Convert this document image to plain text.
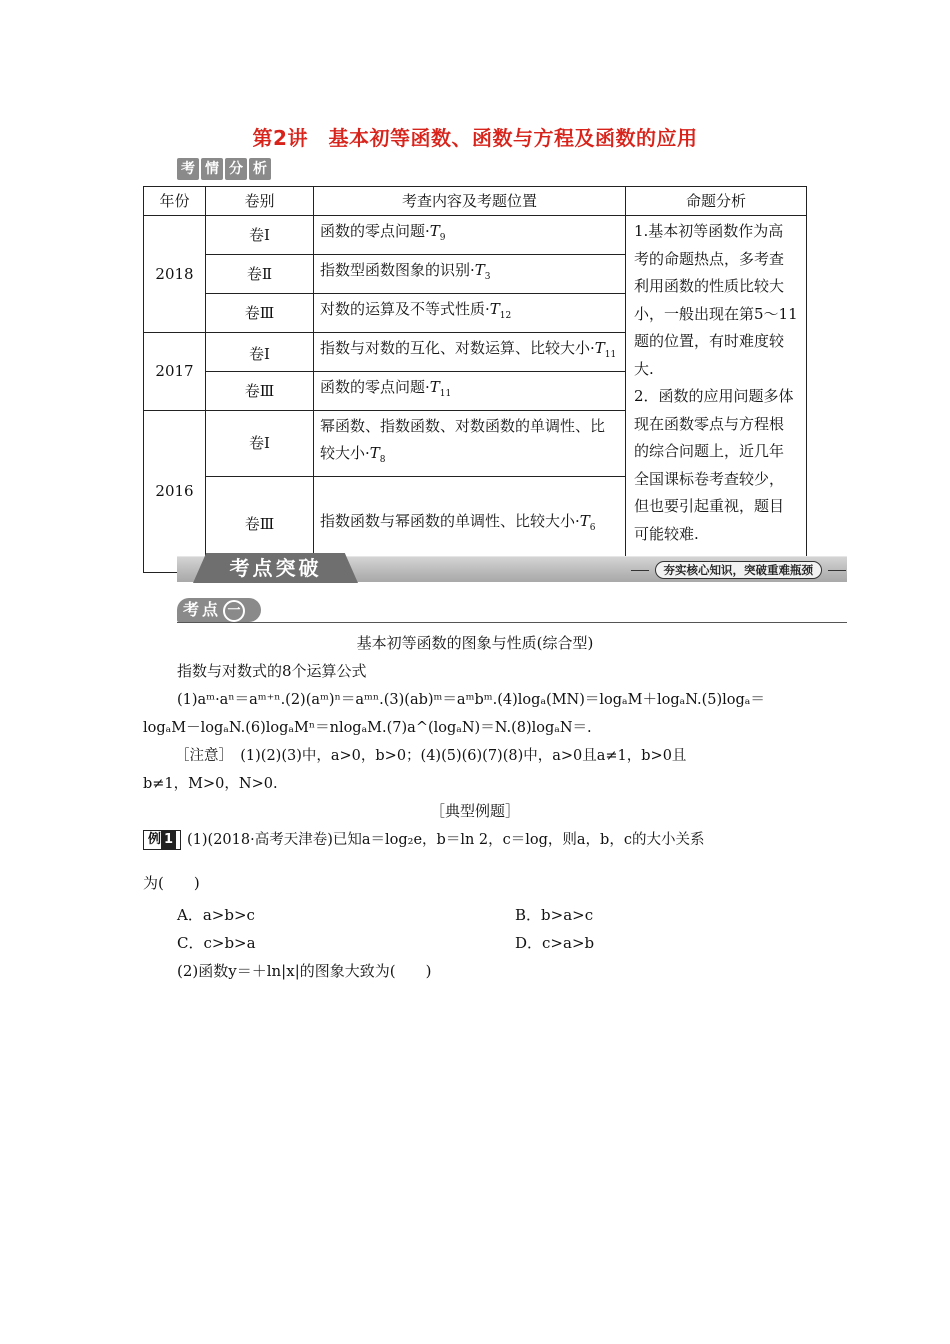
第2讲　基本初等函数、函数与方程及函数的应用
考 情 分 析
年份	卷别	考查内容及考题位置	命题分析
2018	卷Ⅰ	函数的零点问题$\cdot T_9$	1.基本初等函数作为高考的命题热点，多考查利用函数的性质比较大小，一般出现在第5～11题的位置，有时难度较大.
2．函数的应用问题多体现在函数零点与方程根的综合问题上，近几年全国课标卷考查较少，但也要引起重视，题目可能较难.

	卷Ⅱ	指数型函数图象的识别$\cdot T_3$
	卷Ⅲ	对数的运算及不等式性质$\cdot T_{12}$
2017	卷Ⅰ	指数与对数的互化、对数运算、比较大小$\cdot T_{11}$
	卷Ⅲ	函数的零点问题$\cdot T_{11}$
2016	卷Ⅰ	幂函数、指数函数、对数函数的单调性、比较大小$\cdot T_8$
	卷Ⅲ	指数函数与幂函数的单调性、比较大小$\cdot T_6$
考点突破	夯实核心知识，突破重难瓶颈
考点 一
基本初等函数的图象与性质(综合型)
指数与对数式的8个运算公式
(1)aᵐ·aⁿ＝aᵐ⁺ⁿ.(2)(aᵐ)ⁿ＝aᵐⁿ.(3)(ab)ᵐ＝aᵐbᵐ.(4)logₐ(MN)＝logₐM＋logₐN.(5)logₐ＝
logₐM－logₐN.(6)logₐMⁿ＝nlogₐM.(7)a^(logₐN)＝N.(8)logₐN＝.
［注意］　(1)(2)(3)中，a>0，b>0；(4)(5)(6)(7)(8)中，a>0且a≠1，b>0且
b≠1，M>0，N>0.
［典型例题］
例 1 (1)(2018·高考天津卷)已知a＝log₂e，b＝ln 2，c＝log，则a，b，c的大小关系
为(　　)
A．a>b>c	B．b>a>c
C．c>b>a	D．c>a>b
(2)函数y＝＋ln|x|的图象大致为(　　)
